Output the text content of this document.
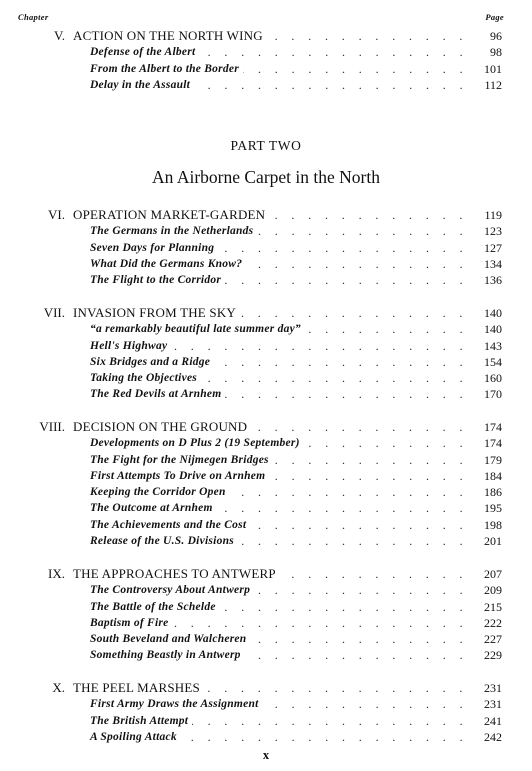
Chapter	Page
PART TWO
An Airborne Carpet in the North
V. . . . ACTION ON THE NORTH WING	96
. . .
Defense of the Albert	98
. . .
From the Albert to the Border	101
. . .
Delay in the Assault	112
VI. . . . OPERATION MARKET-GARDEN	119
. . .
The Germans in the Netherlands	123
. . .
Seven Days for Planning	127
. . .
What Did the Germans Know?	134
. . .
The Flight to the Corridor	136
VII. . . . INVASION FROM THE SKY	140
. . .
“a remarkably beautiful late summer day”	140
. . .
Hell's Highway	143
. . .
Six Bridges and a Ridge	154
. . .
Taking the Objectives	160
. . .
The Red Devils at Arnhem	170
VIII. . . . DECISION ON THE GROUND	174
. . .
Developments on D Plus 2 (19 September)	174
. . .
The Fight for the Nijmegen Bridges	179
. . .
First Attempts To Drive on Arnhem	184
. . .
Keeping the Corridor Open	186
. . .
The Outcome at Arnhem	195
. . .
The Achievements and the Cost	198
. . .
Release of the U.S. Divisions	201
IX. . . . THE APPROACHES TO ANTWERP	207
. . .
The Controversy About Antwerp	209
. . .
The Battle of the Schelde	215
. . .
Baptism of Fire	222
. . .
South Beveland and Walcheren	227
. . .
Something Beastly in Antwerp	229
X. . . . THE PEEL MARSHES	231
. . .
First Army Draws the Assignment	231
. . .
The British Attempt	241
. . .
A Spoiling Attack	242
x
